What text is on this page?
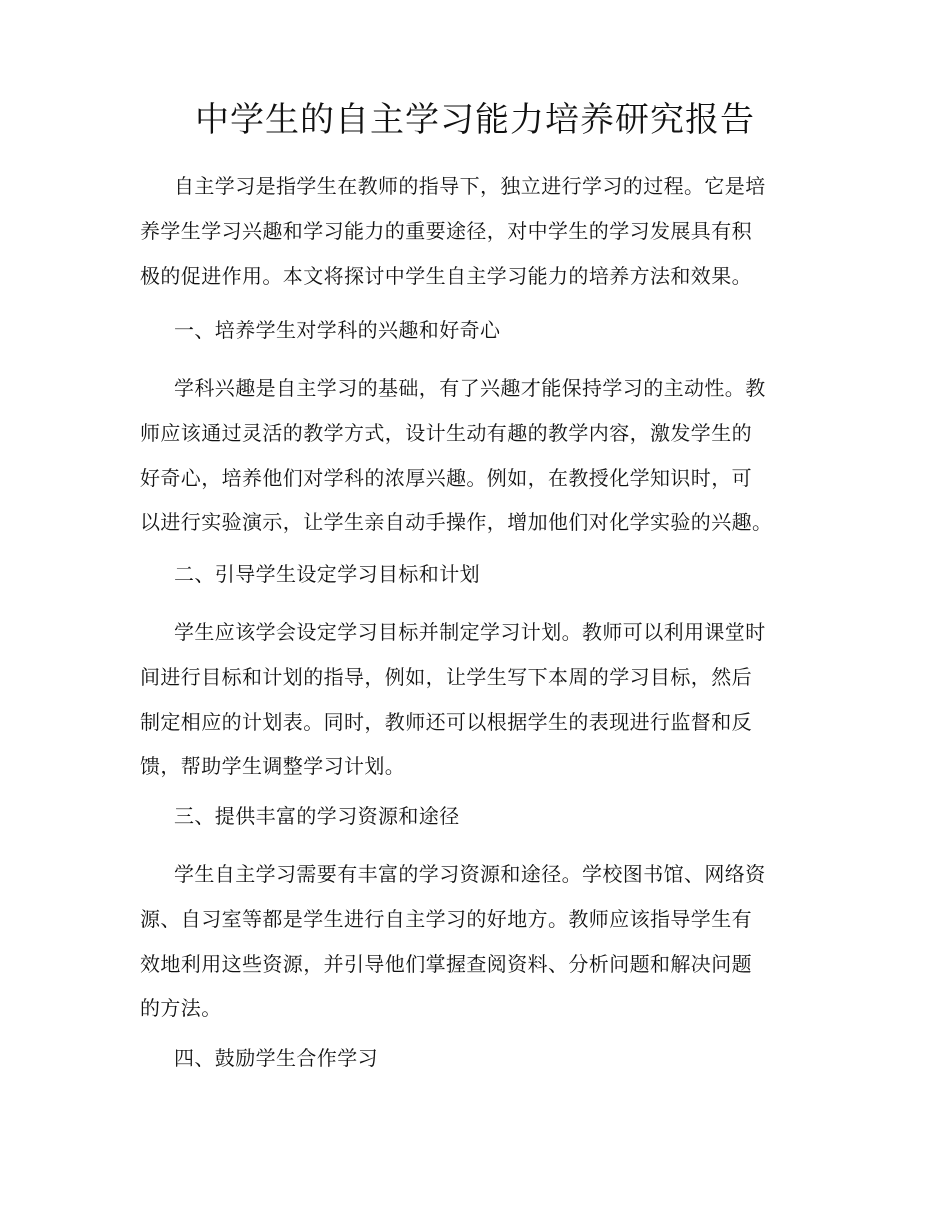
中学生的自主学习能力培养研究报告

自主学习是指学生在教师的指导下，独立进行学习的过程。它是培
养学生学习兴趣和学习能力的重要途径，对中学生的学习发展具有积
极的促进作用。本文将探讨中学生自主学习能力的培养方法和效果。

一、培养学生对学科的兴趣和好奇心

学科兴趣是自主学习的基础，有了兴趣才能保持学习的主动性。教
师应该通过灵活的教学方式，设计生动有趣的教学内容，激发学生的
好奇心，培养他们对学科的浓厚兴趣。例如，在教授化学知识时，可
以进行实验演示，让学生亲自动手操作，增加他们对化学实验的兴趣。

二、引导学生设定学习目标和计划

学生应该学会设定学习目标并制定学习计划。教师可以利用课堂时
间进行目标和计划的指导，例如，让学生写下本周的学习目标，然后
制定相应的计划表。同时，教师还可以根据学生的表现进行监督和反
馈，帮助学生调整学习计划。

三、提供丰富的学习资源和途径

学生自主学习需要有丰富的学习资源和途径。学校图书馆、网络资
源、自习室等都是学生进行自主学习的好地方。教师应该指导学生有
效地利用这些资源，并引导他们掌握查阅资料、分析问题和解决问题
的方法。

四、鼓励学生合作学习
